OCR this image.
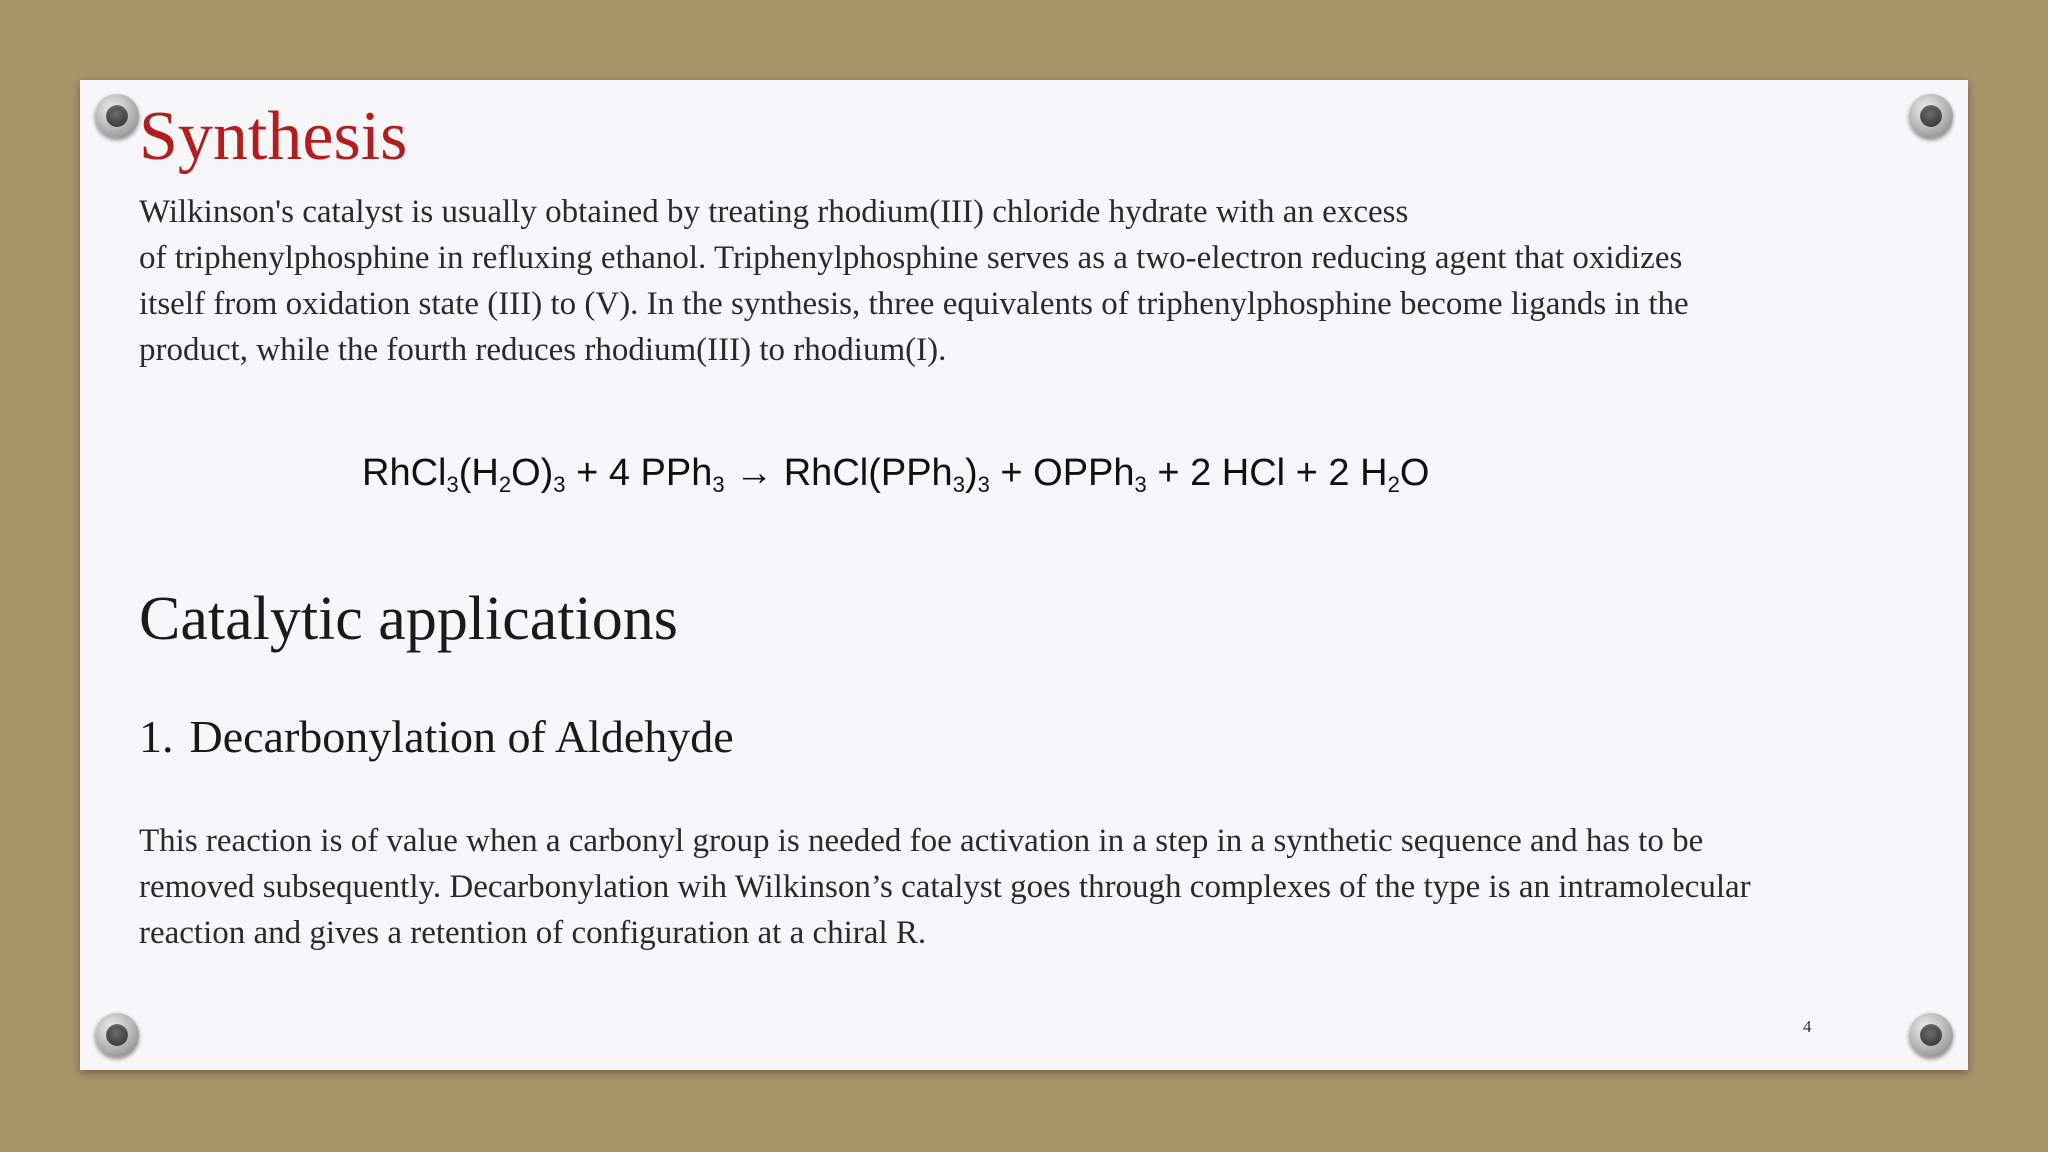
Synthesis

Wilkinson's catalyst is usually obtained by treating rhodium(III) chloride hydrate with an excess
of triphenylphosphine in refluxing ethanol. Triphenylphosphine serves as a two-electron reducing agent that oxidizes
itself from oxidation state (III) to (V). In the synthesis, three equivalents of triphenylphosphine become ligands in the
product, while the fourth reduces rhodium(III) to rhodium(I).

$RhCl_3(H_2O)_3 + 4$ $PPh_3 \to RhCl(PPh_3)_3$ + OPPh$_3$ + 2 HCl + 2 $H_2O$
Catalytic applications
1. Decarbonylation of Aldehyde

This reaction is of value when a carbonyl group is needed foe activation in a step in a synthetic sequence and has to be
removed subsequently. Decarbonylation wih Wilkinson’s catalyst goes through complexes of the type is an intramolecular
reaction and gives a retention of configuration at a chiral R.

4
